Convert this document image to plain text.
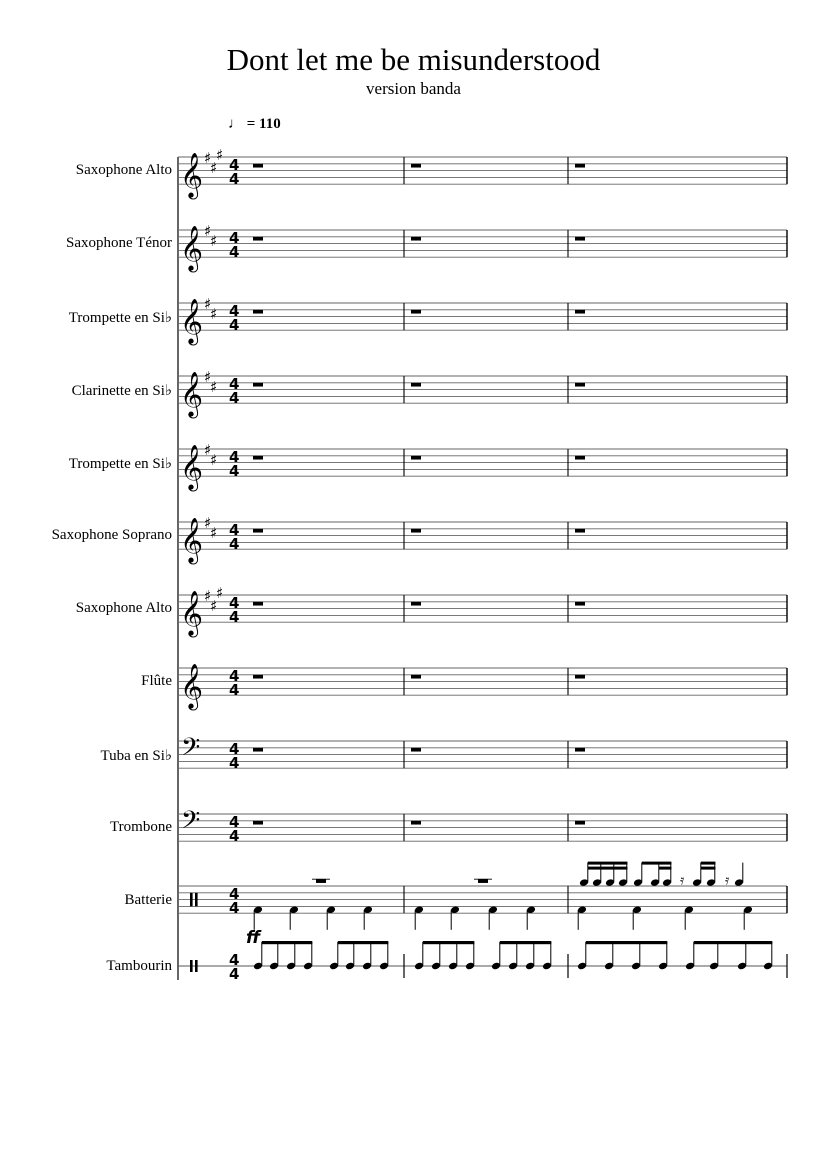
Dont let me be misunderstood
version banda
♩ = 110
Saxophone Alto
Saxophone Ténor
Trompette en Si♭
Clarinette en Si♭
Trompette en Si♭
Saxophone Soprano
Saxophone Alto
Flûte
Tuba en Si♭
Trombone
Batterie
Tambourin
𝄞 ♯
♯
♯
4
4
𝄞 ♯
♯ 4
4
𝄞 ♯
♯ 4
4
𝄞 ♯
♯ 4
4
𝄞 ♯
♯ 4
4
𝄞 ♯
♯ 4
4
𝄞 ♯
♯
♯
4
4
𝄞 4
4
𝄢 4
4
𝄢 4
4
4
4
𝄿	𝄿
4
4
ff
